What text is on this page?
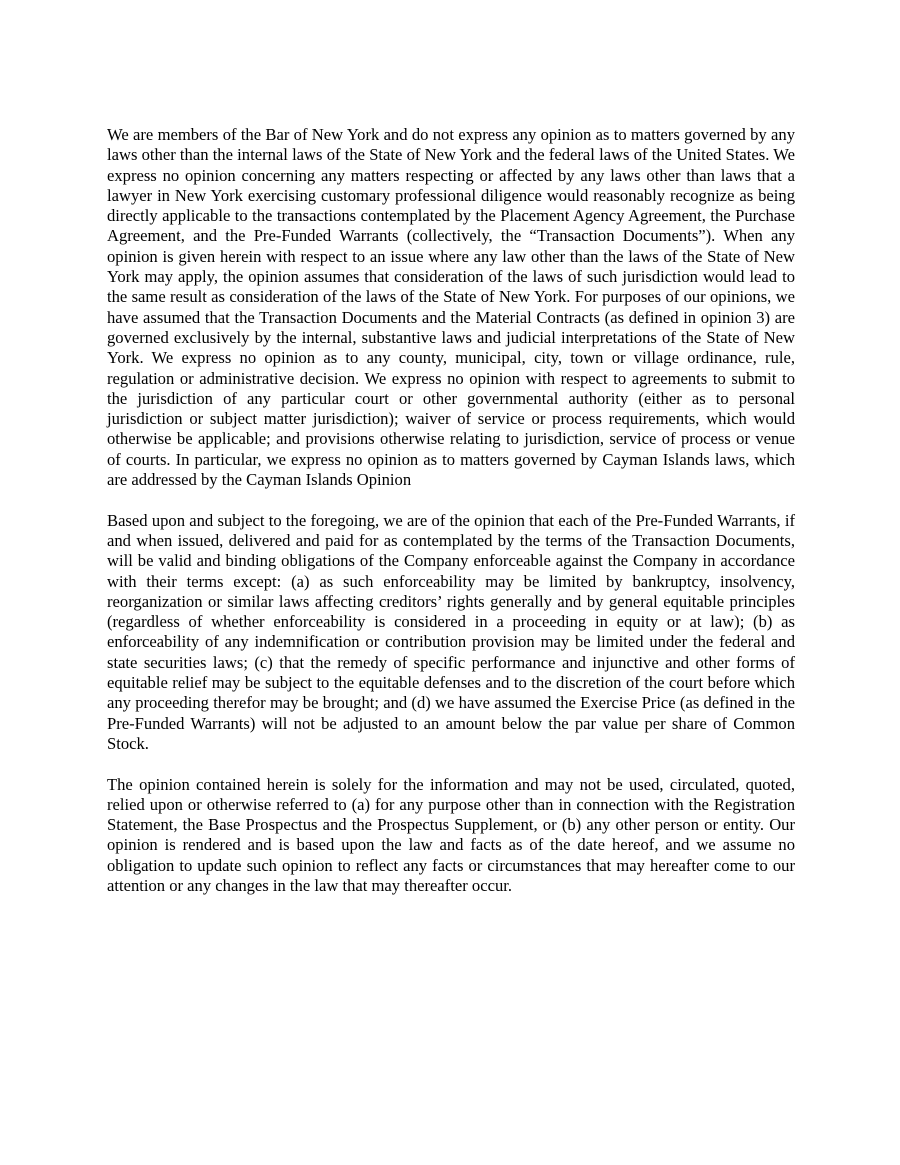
We are members of the Bar of New York and do not express any opinion as to matters governed by any laws other than the internal laws of the State of New York and the federal laws of the United States. We express no opinion concerning any matters respecting or affected by any laws other than laws that a lawyer in New York exercising customary professional diligence would reasonably recognize as being directly applicable to the transactions contemplated by the Placement Agency Agreement, the Purchase Agreement, and the Pre-Funded Warrants (collectively, the “Transaction Documents”). When any opinion is given herein with respect to an issue where any law other than the laws of the State of New York may apply, the opinion assumes that consideration of the laws of such jurisdiction would lead to the same result as consideration of the laws of the State of New York. For purposes of our opinions, we have assumed that the Transaction Documents and the Material Contracts (as defined in opinion 3) are governed exclusively by the internal, substantive laws and judicial interpretations of the State of New York. We express no opinion as to any county, municipal, city, town or village ordinance, rule, regulation or administrative decision. We express no opinion with respect to agreements to submit to the jurisdiction of any particular court or other governmental authority (either as to personal jurisdiction or subject matter jurisdiction); waiver of service or process requirements, which would otherwise be applicable; and provisions otherwise relating to jurisdiction, service of process or venue of courts. In particular, we express no opinion as to matters governed by Cayman Islands laws, which are addressed by the Cayman Islands Opinion

Based upon and subject to the foregoing, we are of the opinion that each of the Pre-Funded Warrants, if and when issued, delivered and paid for as contemplated by the terms of the Transaction Documents, will be valid and binding obligations of the Company enforceable against the Company in accordance with their terms except: (a) as such enforceability may be limited by bankruptcy, insolvency, reorganization or similar laws affecting creditors’ rights generally and by general equitable principles (regardless of whether enforceability is considered in a proceeding in equity or at law); (b) as enforceability of any indemnification or contribution provision may be limited under the federal and state securities laws; (c) that the remedy of specific performance and injunctive and other forms of equitable relief may be subject to the equitable defenses and to the discretion of the court before which any proceeding therefor may be brought; and (d) we have assumed the Exercise Price (as defined in the Pre-Funded Warrants) will not be adjusted to an amount below the par value per share of Common Stock.

The opinion contained herein is solely for the information and may not be used, circulated, quoted, relied upon or otherwise referred to (a) for any purpose other than in connection with the Registration Statement, the Base Prospectus and the Prospectus Supplement, or (b) any other person or entity. Our opinion is rendered and is based upon the law and facts as of the date hereof, and we assume no obligation to update such opinion to reflect any facts or circumstances that may hereafter come to our attention or any changes in the law that may thereafter occur.
